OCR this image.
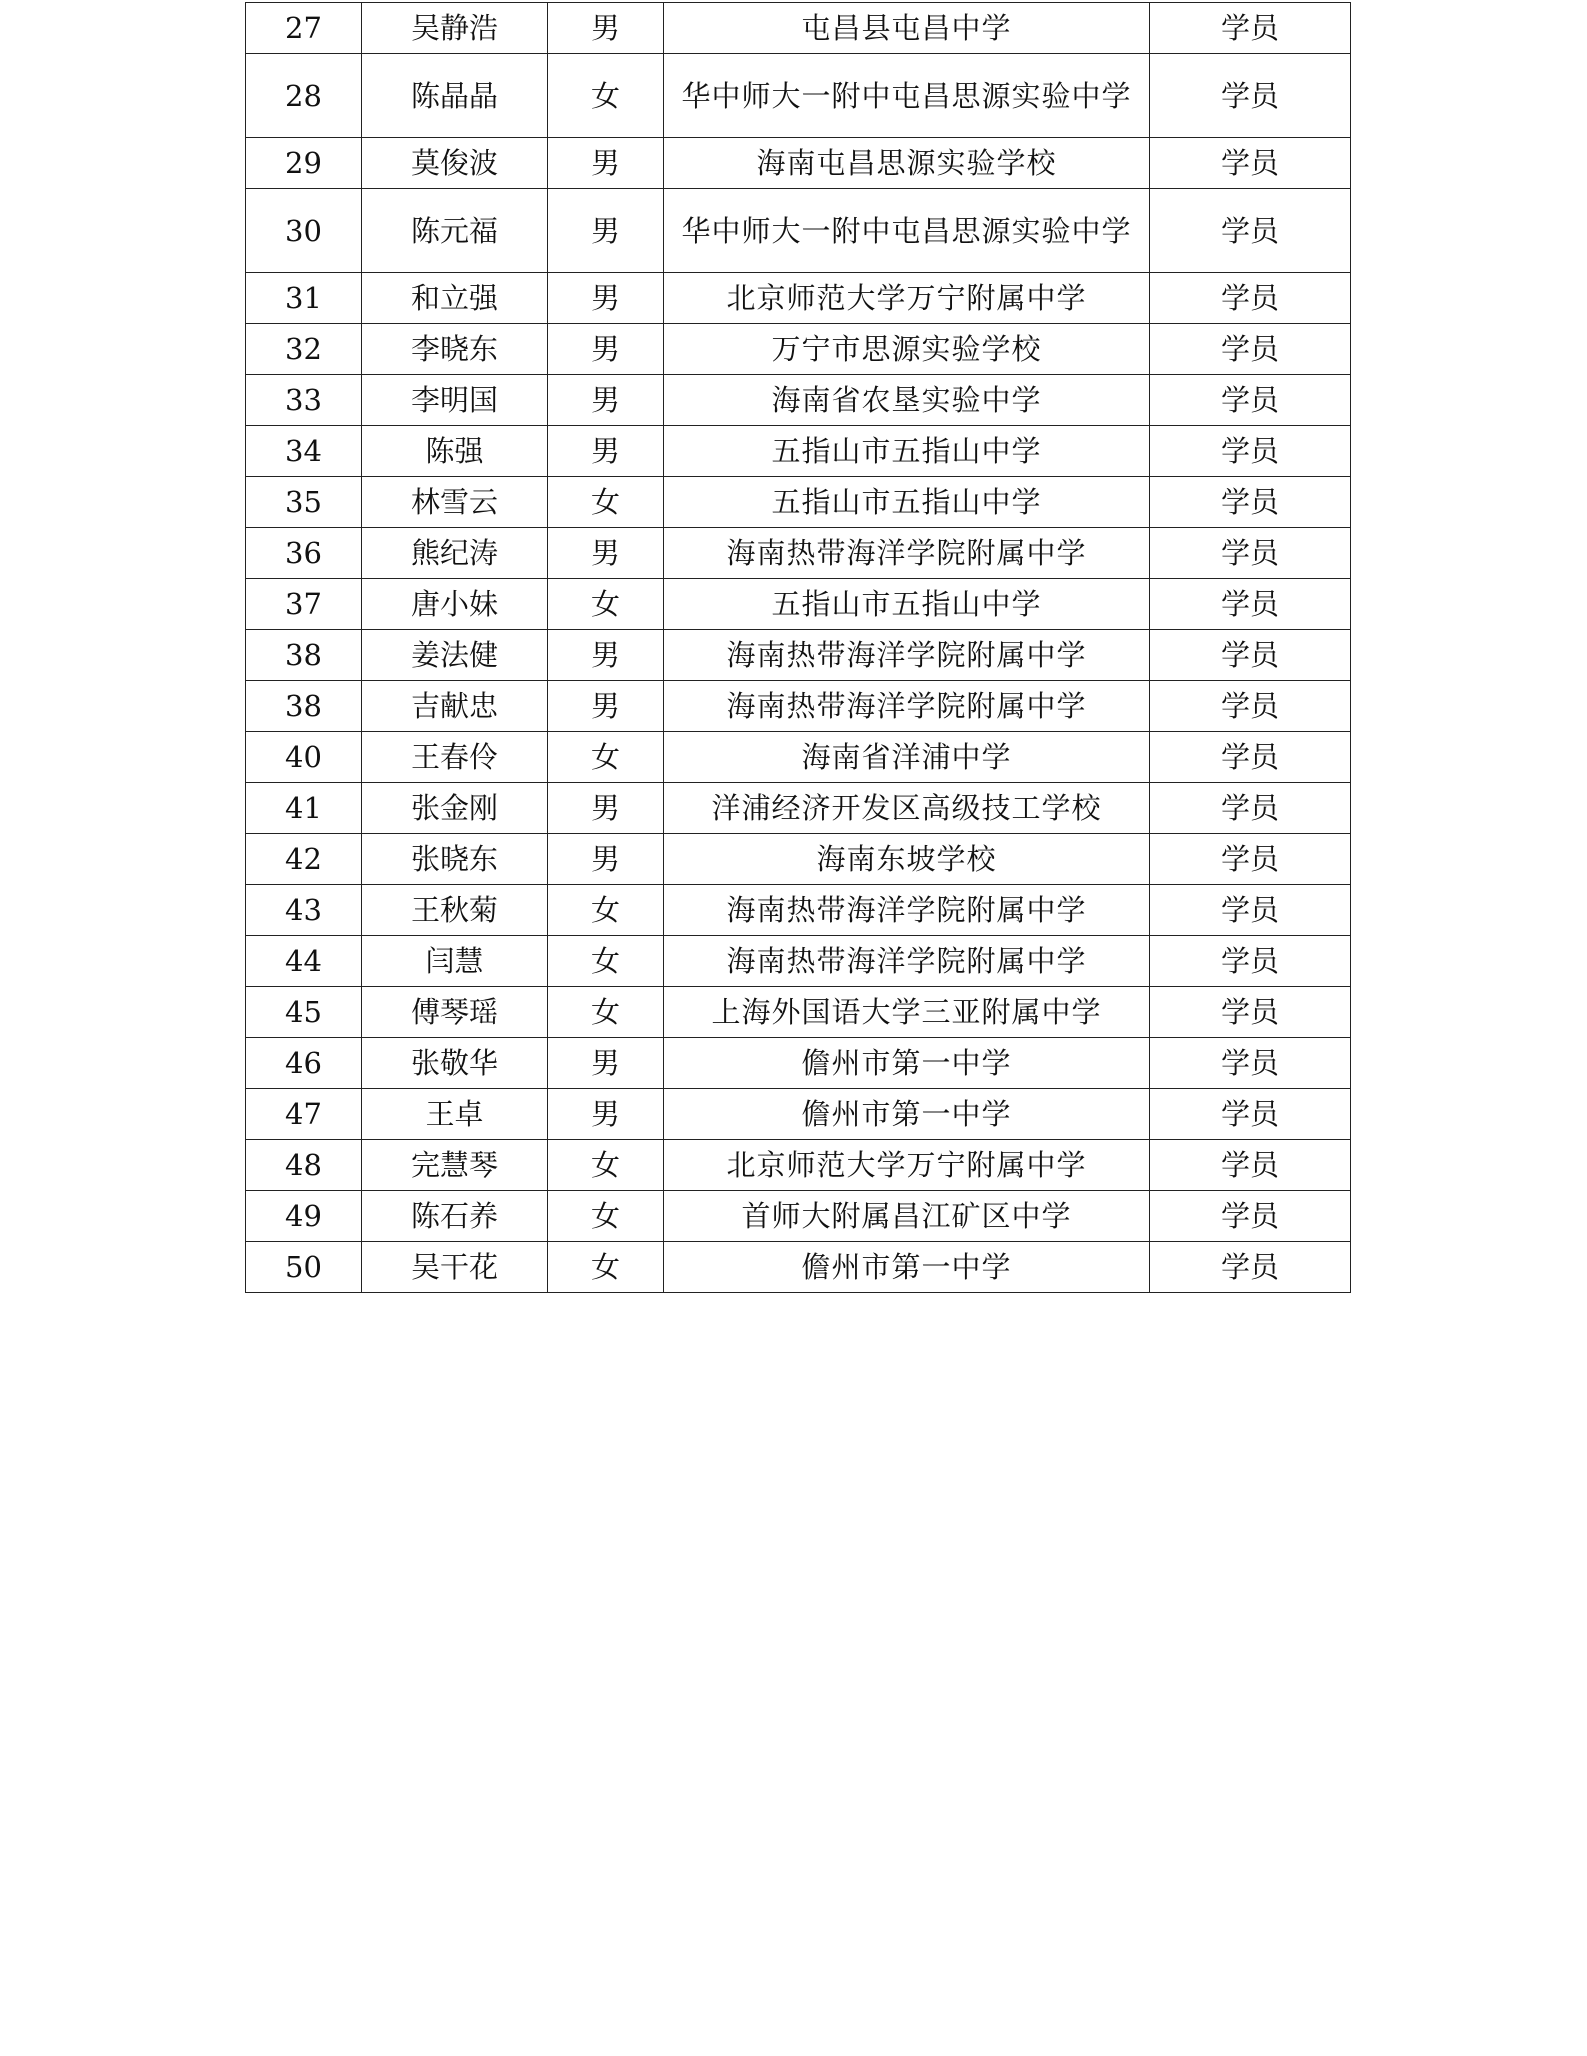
27	吴静浩	男	屯昌县屯昌中学	学员
28	陈晶晶	女	华中师大一附中屯昌思源实验中学	学员
29	莫俊波	男	海南屯昌思源实验学校	学员
30	陈元福	男	华中师大一附中屯昌思源实验中学	学员
31	和立强	男	北京师范大学万宁附属中学	学员
32	李晓东	男	万宁市思源实验学校	学员
33	李明国	男	海南省农垦实验中学	学员
34	陈强	男	五指山市五指山中学	学员
35	林雪云	女	五指山市五指山中学	学员
36	熊纪涛	男	海南热带海洋学院附属中学	学员
37	唐小妹	女	五指山市五指山中学	学员
38	姜法健	男	海南热带海洋学院附属中学	学员
38	吉献忠	男	海南热带海洋学院附属中学	学员
40	王春伶	女	海南省洋浦中学	学员
41	张金刚	男	洋浦经济开发区高级技工学校	学员
42	张晓东	男	海南东坡学校	学员
43	王秋菊	女	海南热带海洋学院附属中学	学员
44	闫慧	女	海南热带海洋学院附属中学	学员
45	傅琴瑶	女	上海外国语大学三亚附属中学	学员
46	张敬华	男	儋州市第一中学	学员
47	王卓	男	儋州市第一中学	学员
48	完慧琴	女	北京师范大学万宁附属中学	学员
49	陈石养	女	首师大附属昌江矿区中学	学员
50	吴干花	女	儋州市第一中学	学员
